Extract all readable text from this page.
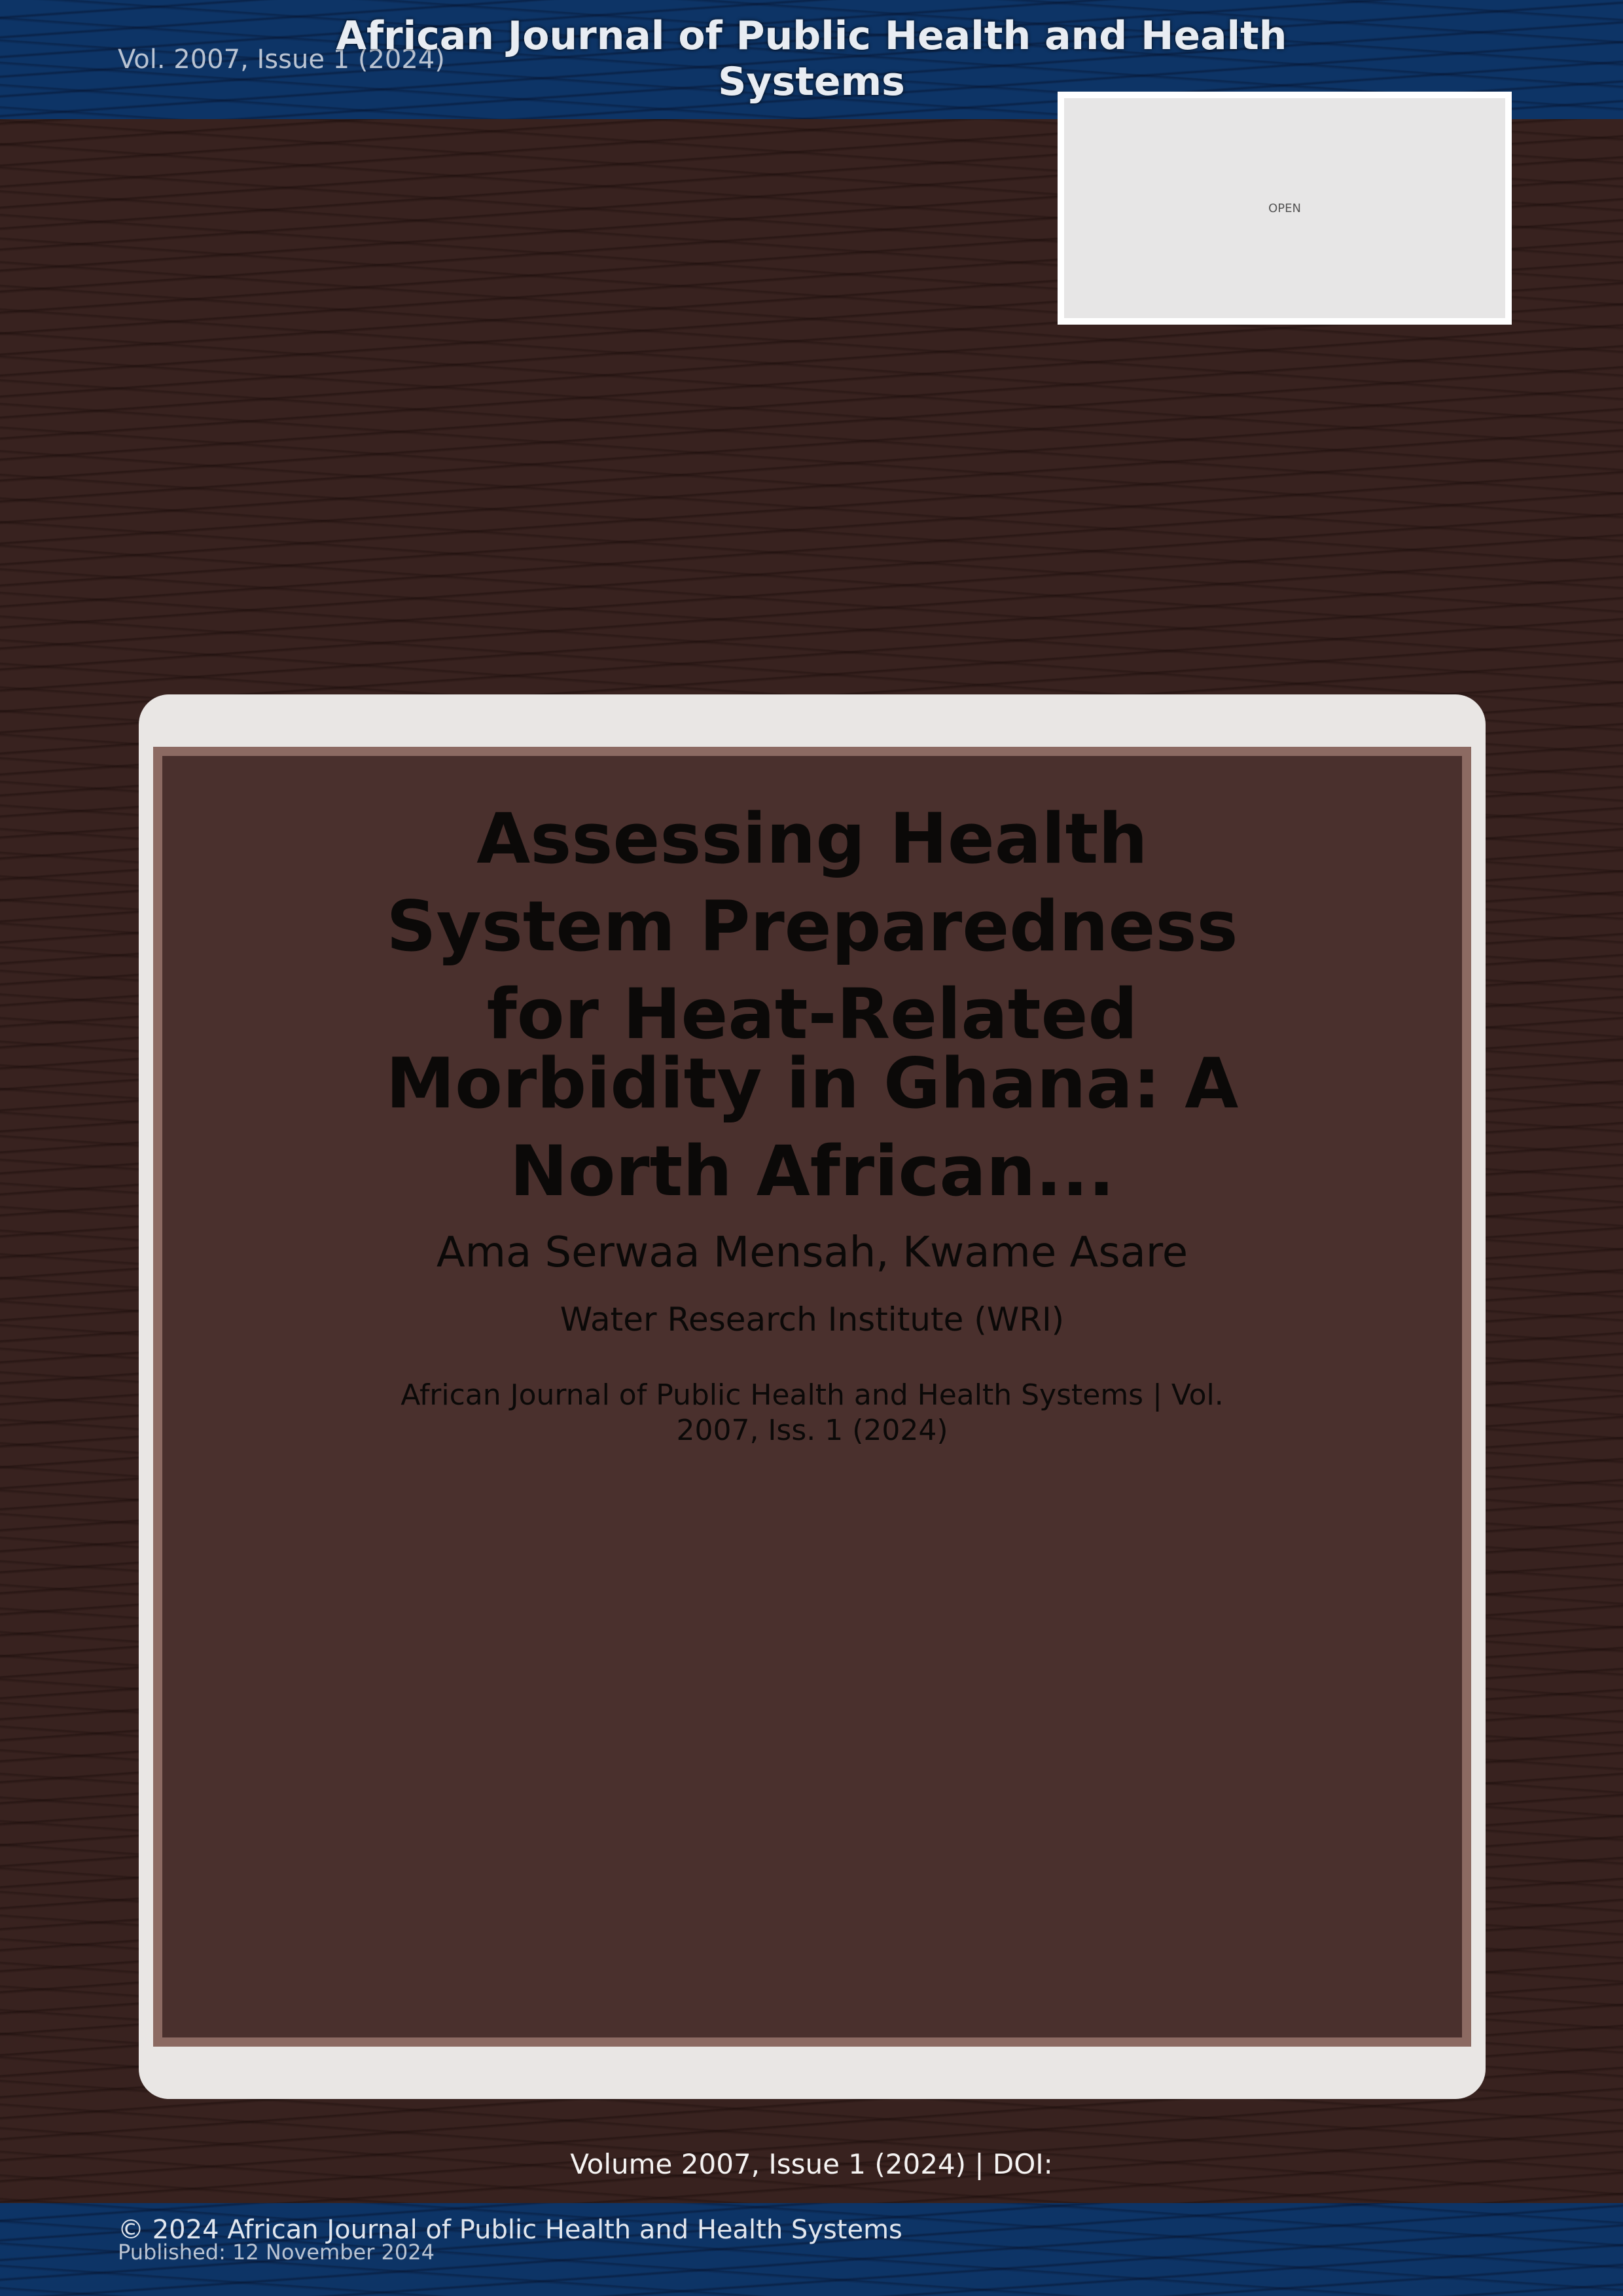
Vol. 2007, Issue 1 (2024)
African Journal of Public Health and Health Systems
OPEN
Assessing Health
System Preparedness
for Heat-Related
Morbidity in Ghana: A
North African...
Ama Serwaa Mensah, Kwame Asare
Water Research Institute (WRI)
African Journal of Public Health and Health Systems | Vol. 2007, Iss. 1 (2024)
Volume 2007, Issue 1 (2024) | DOI:
© 2024 African Journal of Public Health and Health Systems
Published: 12 November 2024
